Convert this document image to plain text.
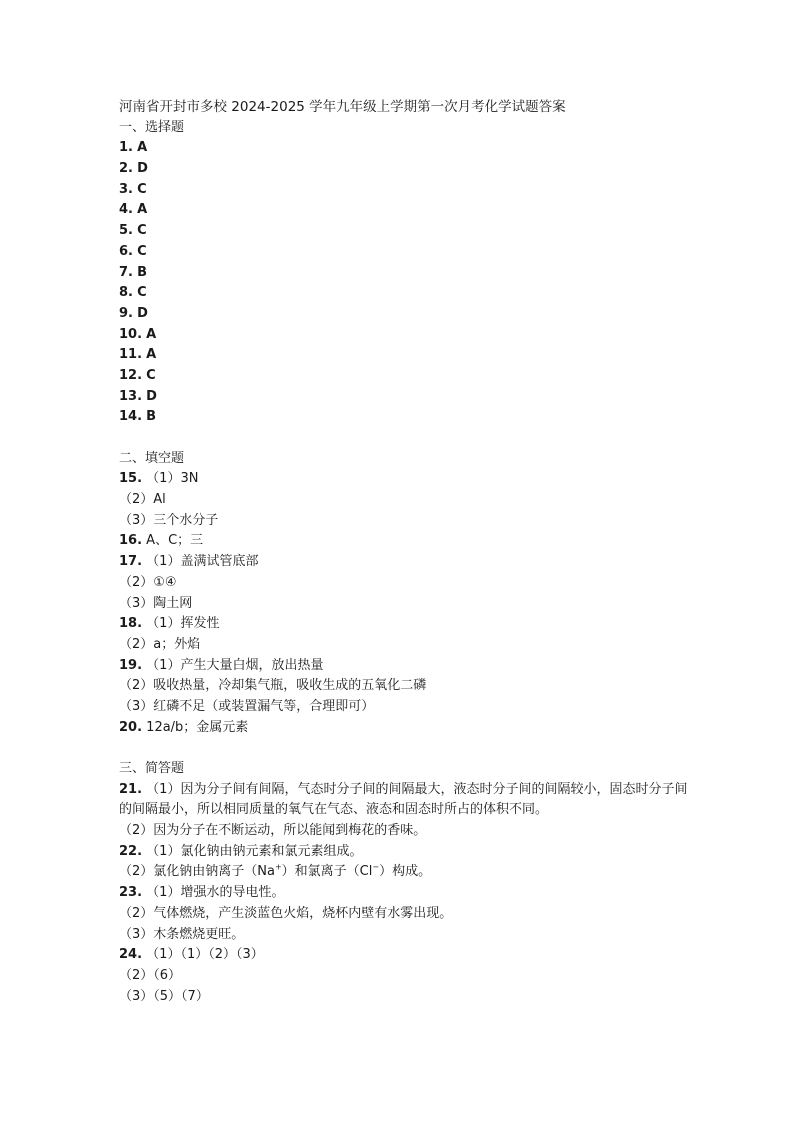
河南省开封市多校 2024-2025 学年九年级上学期第一次月考化学试题答案
一、选择题
1. A
2. D
3. C
4. A
5. C
6. C
7. B
8. C
9. D
10. A
11. A
12. C
13. D
14. B
二、填空题
15. （1）3N
（2）Al
（3）三个水分子
16. A、C；三
17. （1）盖满试管底部
（2）①④
（3）陶土网
18. （1）挥发性
（2）a；外焰
19. （1）产生大量白烟，放出热量
（2）吸收热量，冷却集气瓶，吸收生成的五氧化二磷
（3）红磷不足（或装置漏气等，合理即可）
20. 12a/b；金属元素
三、简答题
21. （1）因为分子间有间隔，气态时分子间的间隔最大，液态时分子间的间隔较小，固态时分子间的间隔最小，所以相同质量的氧气在气态、液态和固态时所占的体积不同。
（2）因为分子在不断运动，所以能闻到梅花的香味。
22. （1）氯化钠由钠元素和氯元素组成。
（2）氯化钠由钠离子（Na+）和氯离子（Cl−）构成。
23. （1）增强水的导电性。
（2）气体燃烧，产生淡蓝色火焰，烧杯内壁有水雾出现。
（3）木条燃烧更旺。
24. （1）（1）（2）（3）
（2）（6）
（3）（5）（7）
